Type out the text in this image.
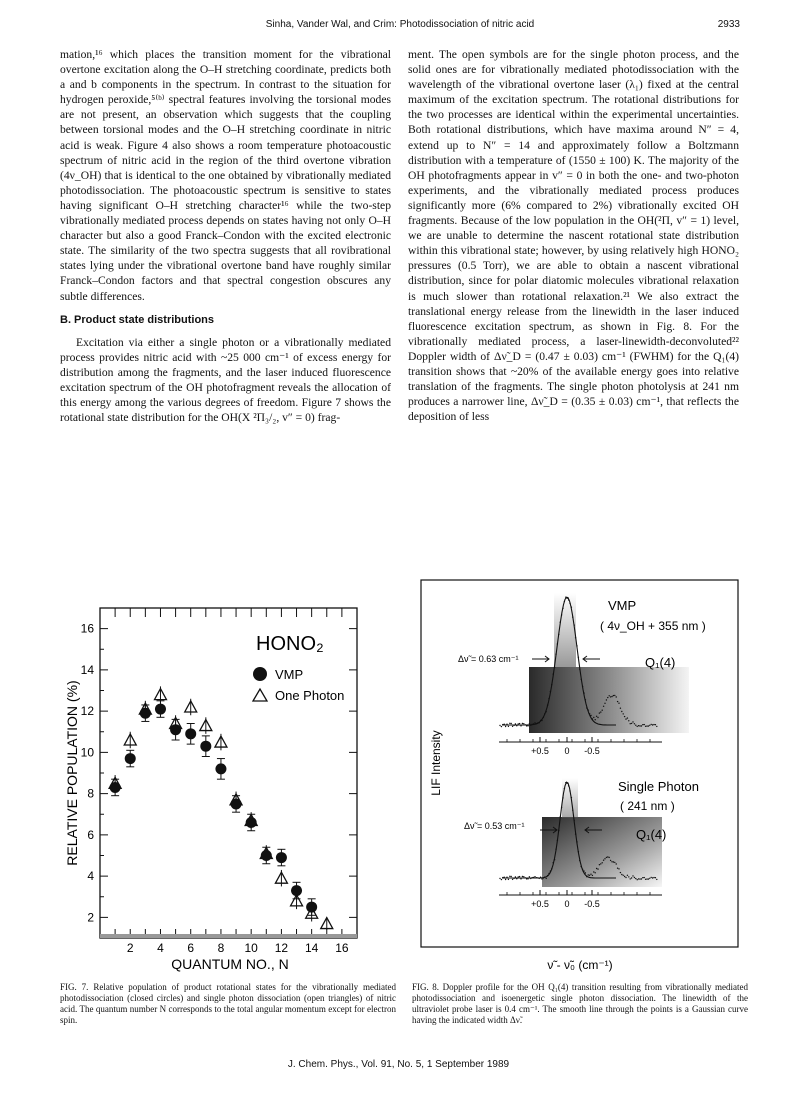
Sinha, Vander Wal, and Crim: Photodissociation of nitric acid	2933

mation,¹⁶ which places the transition moment for the vibrational overtone excitation along the O–H stretching coordinate, predicts both a and b components in the spectrum. In contrast to the situation for hydrogen peroxide,⁵⁽ᵇ⁾ spectral features involving the torsional modes are not present, an observation which suggests that the coupling between torsional modes and the O–H stretching coordinate in nitric acid is weak. Figure 4 also shows a room temperature photoacoustic spectrum of nitric acid in the region of the third overtone vibration (4ν_OH) that is identical to the one obtained by vibrationally mediated photodissociation. The photoacoustic spectrum is sensitive to states having significant O–H stretching character¹⁶ while the two-step vibrationally mediated process depends on states having not only O–H character but also a good Franck–Condon with the excited electronic state. The similarity of the two spectra suggests that all rovibrational states lying under the vibrational overtone band have roughly similar Franck–Condon factors and that spectral congestion obscures any subtle differences.

B. Product state distributions

Excitation via either a single photon or a vibrationally mediated process provides nitric acid with ~25 000 cm⁻¹ of excess energy for distribution among the fragments, and the laser induced fluorescence excitation spectrum of the OH photofragment reveals the allocation of this energy among the various degrees of freedom. Figure 7 shows the rotational state distribution for the OH(X ²Π₃/₂, v″ = 0) frag-

ment. The open symbols are for the single photon process, and the solid ones are for vibrationally mediated photodissociation with the wavelength of the vibrational overtone laser (λ₁) fixed at the central maximum of the excitation spectrum. The rotational distributions for the two processes are identical within the experimental uncertainties. Both rotational distributions, which have maxima around N″ = 4, extend up to N″ = 14 and approximately follow a Boltzmann distribution with a temperature of (1550 ± 100) K. The majority of the OH photofragments appear in v″ = 0 in both the one- and two-photon experiments, and the vibrationally mediated process produces significantly more (6% compared to 2%) vibrationally excited OH fragments. Because of the low population in the OH(²Π, v″ = 1) level, we are unable to determine the nascent rotational state distribution within this vibrational state; however, by using relatively high HONO₂ pressures (0.5 Torr), we are able to obtain a nascent vibrational distribution, since for polar diatomic molecules vibrational relaxation is much slower than rotational relaxation.²¹ We also extract the translational energy release from the linewidth in the laser induced fluorescence excitation spectrum, as shown in Fig. 8. For the vibrationally mediated process, a laser-linewidth-deconvoluted²² Doppler width of Δν̃_D = (0.47 ± 0.03) cm⁻¹ (FWHM) for the Q₁(4) transition shows that ~20% of the available energy goes into relative translation of the fragments. The single photon photolysis at 241 nm produces a narrower line, Δν̃_D = (0.35 ± 0.03) cm⁻¹, that reflects the deposition of less

2 4 6 8 10 12 14 16
2
4
6
8
10
12
14
16
HONO₂
VMP
One Photon
QUANTUM NO., N
RELATIVE POPULATION (%)
FIG. 7. Relative population of product rotational states for the vibrationally mediated photodissociation (closed circles) and single photon dissociation (open triangles) of nitric acid. The quantum number N corresponds to the total angular momentum except for electron spin.
+0.5 0 -0.5
VMP
( 4ν_OH + 355 nm )
Δν̃ = 0.63 cm⁻¹	Q₁(4)
+0.5 0 -0.5
Single Photon
( 241 nm )
Δν̃ = 0.53 cm⁻¹
Q₁(4)
LIF Intensity
ν̃ - ν̃₀ (cm⁻¹)
FIG. 8. Doppler profile for the OH Q₁(4) transition resulting from vibrationally mediated photodissociation and isoenergetic single photon dissociation. The linewidth of the ultraviolet probe laser is 0.4 cm⁻¹. The smooth line through the points is a Gaussian curve having the indicated width Δν̃.
J. Chem. Phys., Vol. 91, No. 5, 1 September 1989
